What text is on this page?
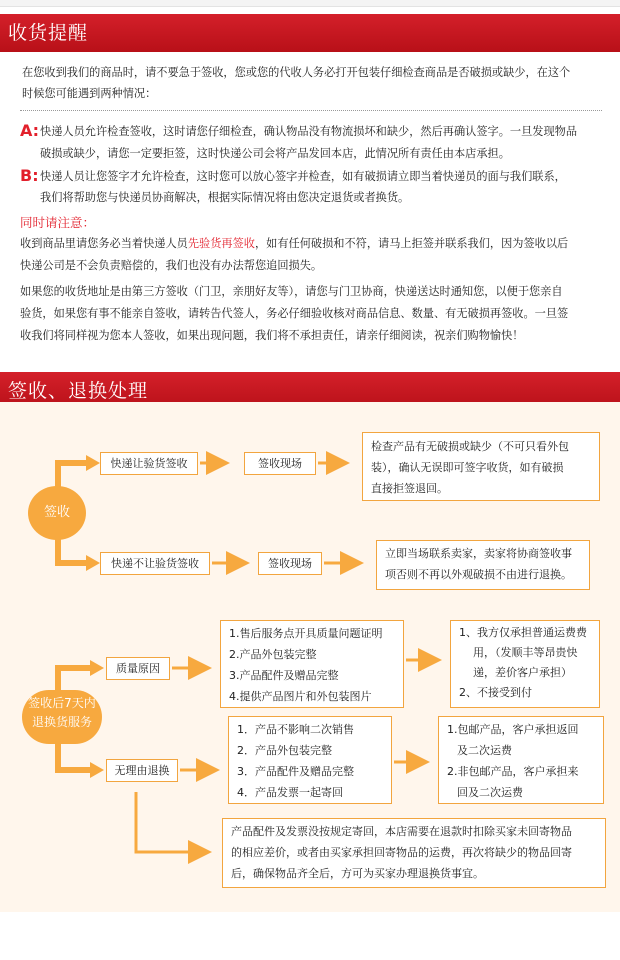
收货提醒

在您收到我们的商品时，请不要急于签收，您或您的代收人务必打开包装仔细检查商品是否破损或缺少，在这个

时候您可能遇到两种情况：

A: 快递人员允许检查签收，这时请您仔细检查，确认物品没有物流损坏和缺少，然后再确认签字。一旦发现物品

破损或缺少，请您一定要拒签，这时快递公司会将产品发回本店，此情况所有责任由本店承担。

B: 快递人员让您签字才允许检查，这时您可以放心签字并检查，如有破损请立即当着快递员的面与我们联系，

我们将帮助您与快递员协商解决，根据实际情况将由您决定退货或者换货。

同时请注意：

收到商品里请您务必当着快递人员先验货再签收，如有任何破损和不符，请马上拒签并联系我们，因为签收以后

快递公司是不会负责赔偿的，我们也没有办法帮您追回损失。

如果您的收货地址是由第三方签收（门卫，亲朋好友等），请您与门卫协商，快递送达时通知您，以便于您亲自

验货，如果您有事不能亲自签收，请转告代签人，务必仔细验收核对商品信息、数量、有无破损再签收。一旦签

收我们将同样视为您本人签收，如果出现问题，我们将不承担责任，请亲仔细阅读，祝亲们购物愉快！

签收、退换处理
签收
快递让验货签收	签收现场
检查产品有无破损或缺少（不可只看外包
装），确认无误即可签字收货，如有破损
直接拒签退回。
快递不让验货签收	签收现场
立即当场联系卖家，卖家将协商签收事
项否则不再以外观破损不由进行退换。
签收后7天内
退换货服务
质量原因
1.售后服务点开具质量问题证明
2.产品外包装完整
3.产品配件及赠品完整
4.提供产品图片和外包装图片
1、我方仅承担普通运费费
用，（发顺丰等昂贵快
递，差价客户承担）
2、不接受到付
无理由退换
1．产品不影响二次销售
2．产品外包装完整
3．产品配件及赠品完整
4．产品发票一起寄回
1.包邮产品，客户承担返回
及二次运费
2.非包邮产品，客户承担来
回及二次运费
产品配件及发票没按规定寄回，本店需要在退款时扣除买家未回寄物品
的相应差价，或者由买家承担回寄物品的运费，再次将缺少的物品回寄
后，确保物品齐全后，方可为买家办理退换货事宜。
